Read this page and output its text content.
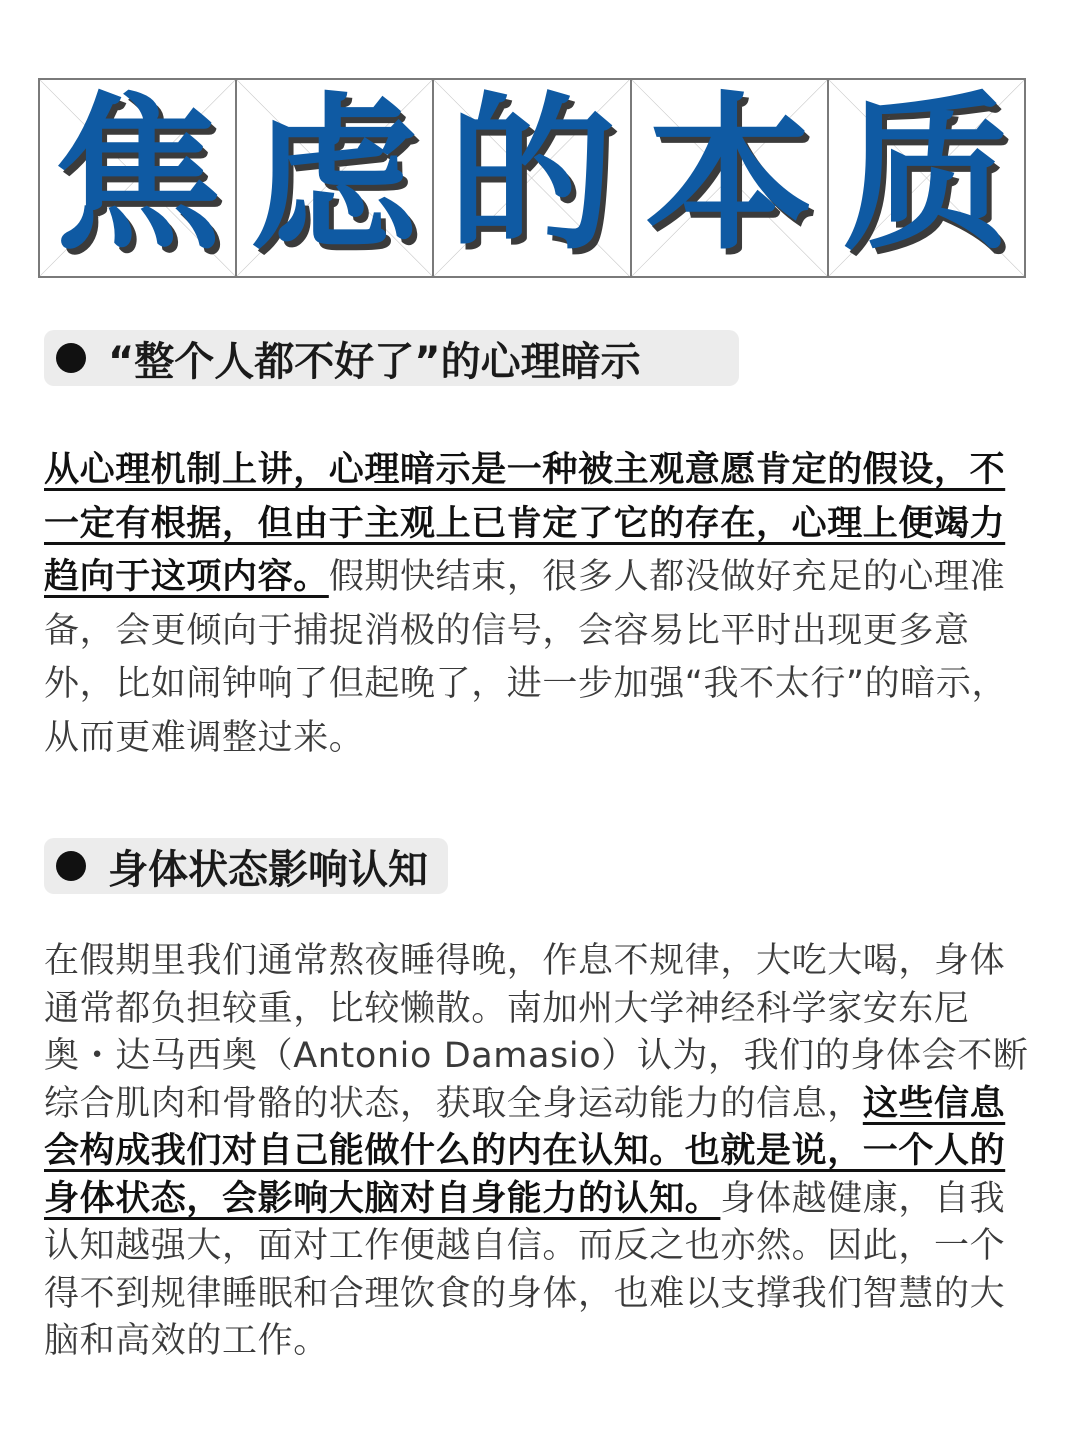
焦 虑 的 本 质
“整个人都不好了”的心理暗示
从心理机制上讲，心理暗示是一种被主观意愿肯定的假设，不一定有根据，但由于主观上已肯定了它的存在，心理上便竭力趋向于这项内容。假期快结束，很多人都没做好充足的心理准备，会更倾向于捕捉消极的信号，会容易比平时出现更多意外，比如闹钟响了但起晚了，进一步加强“我不太行”的暗示，从而更难调整过来。
身体状态影响认知
在假期里我们通常熬夜睡得晚，作息不规律，大吃大喝，身体通常都负担较重，比较懒散。南加州大学神经科学家安东尼奥・达马西奥（Antonio Damasio）认为，我们的身体会不断综合肌肉和骨骼的状态，获取全身运动能力的信息，这些信息会构成我们对自己能做什么的内在认知。也就是说，一个人的身体状态，会影响大脑对自身能力的认知。身体越健康，自我认知越强大，面对工作便越自信。而反之也亦然。因此，一个得不到规律睡眠和合理饮食的身体，也难以支撑我们智慧的大脑和高效的工作。
